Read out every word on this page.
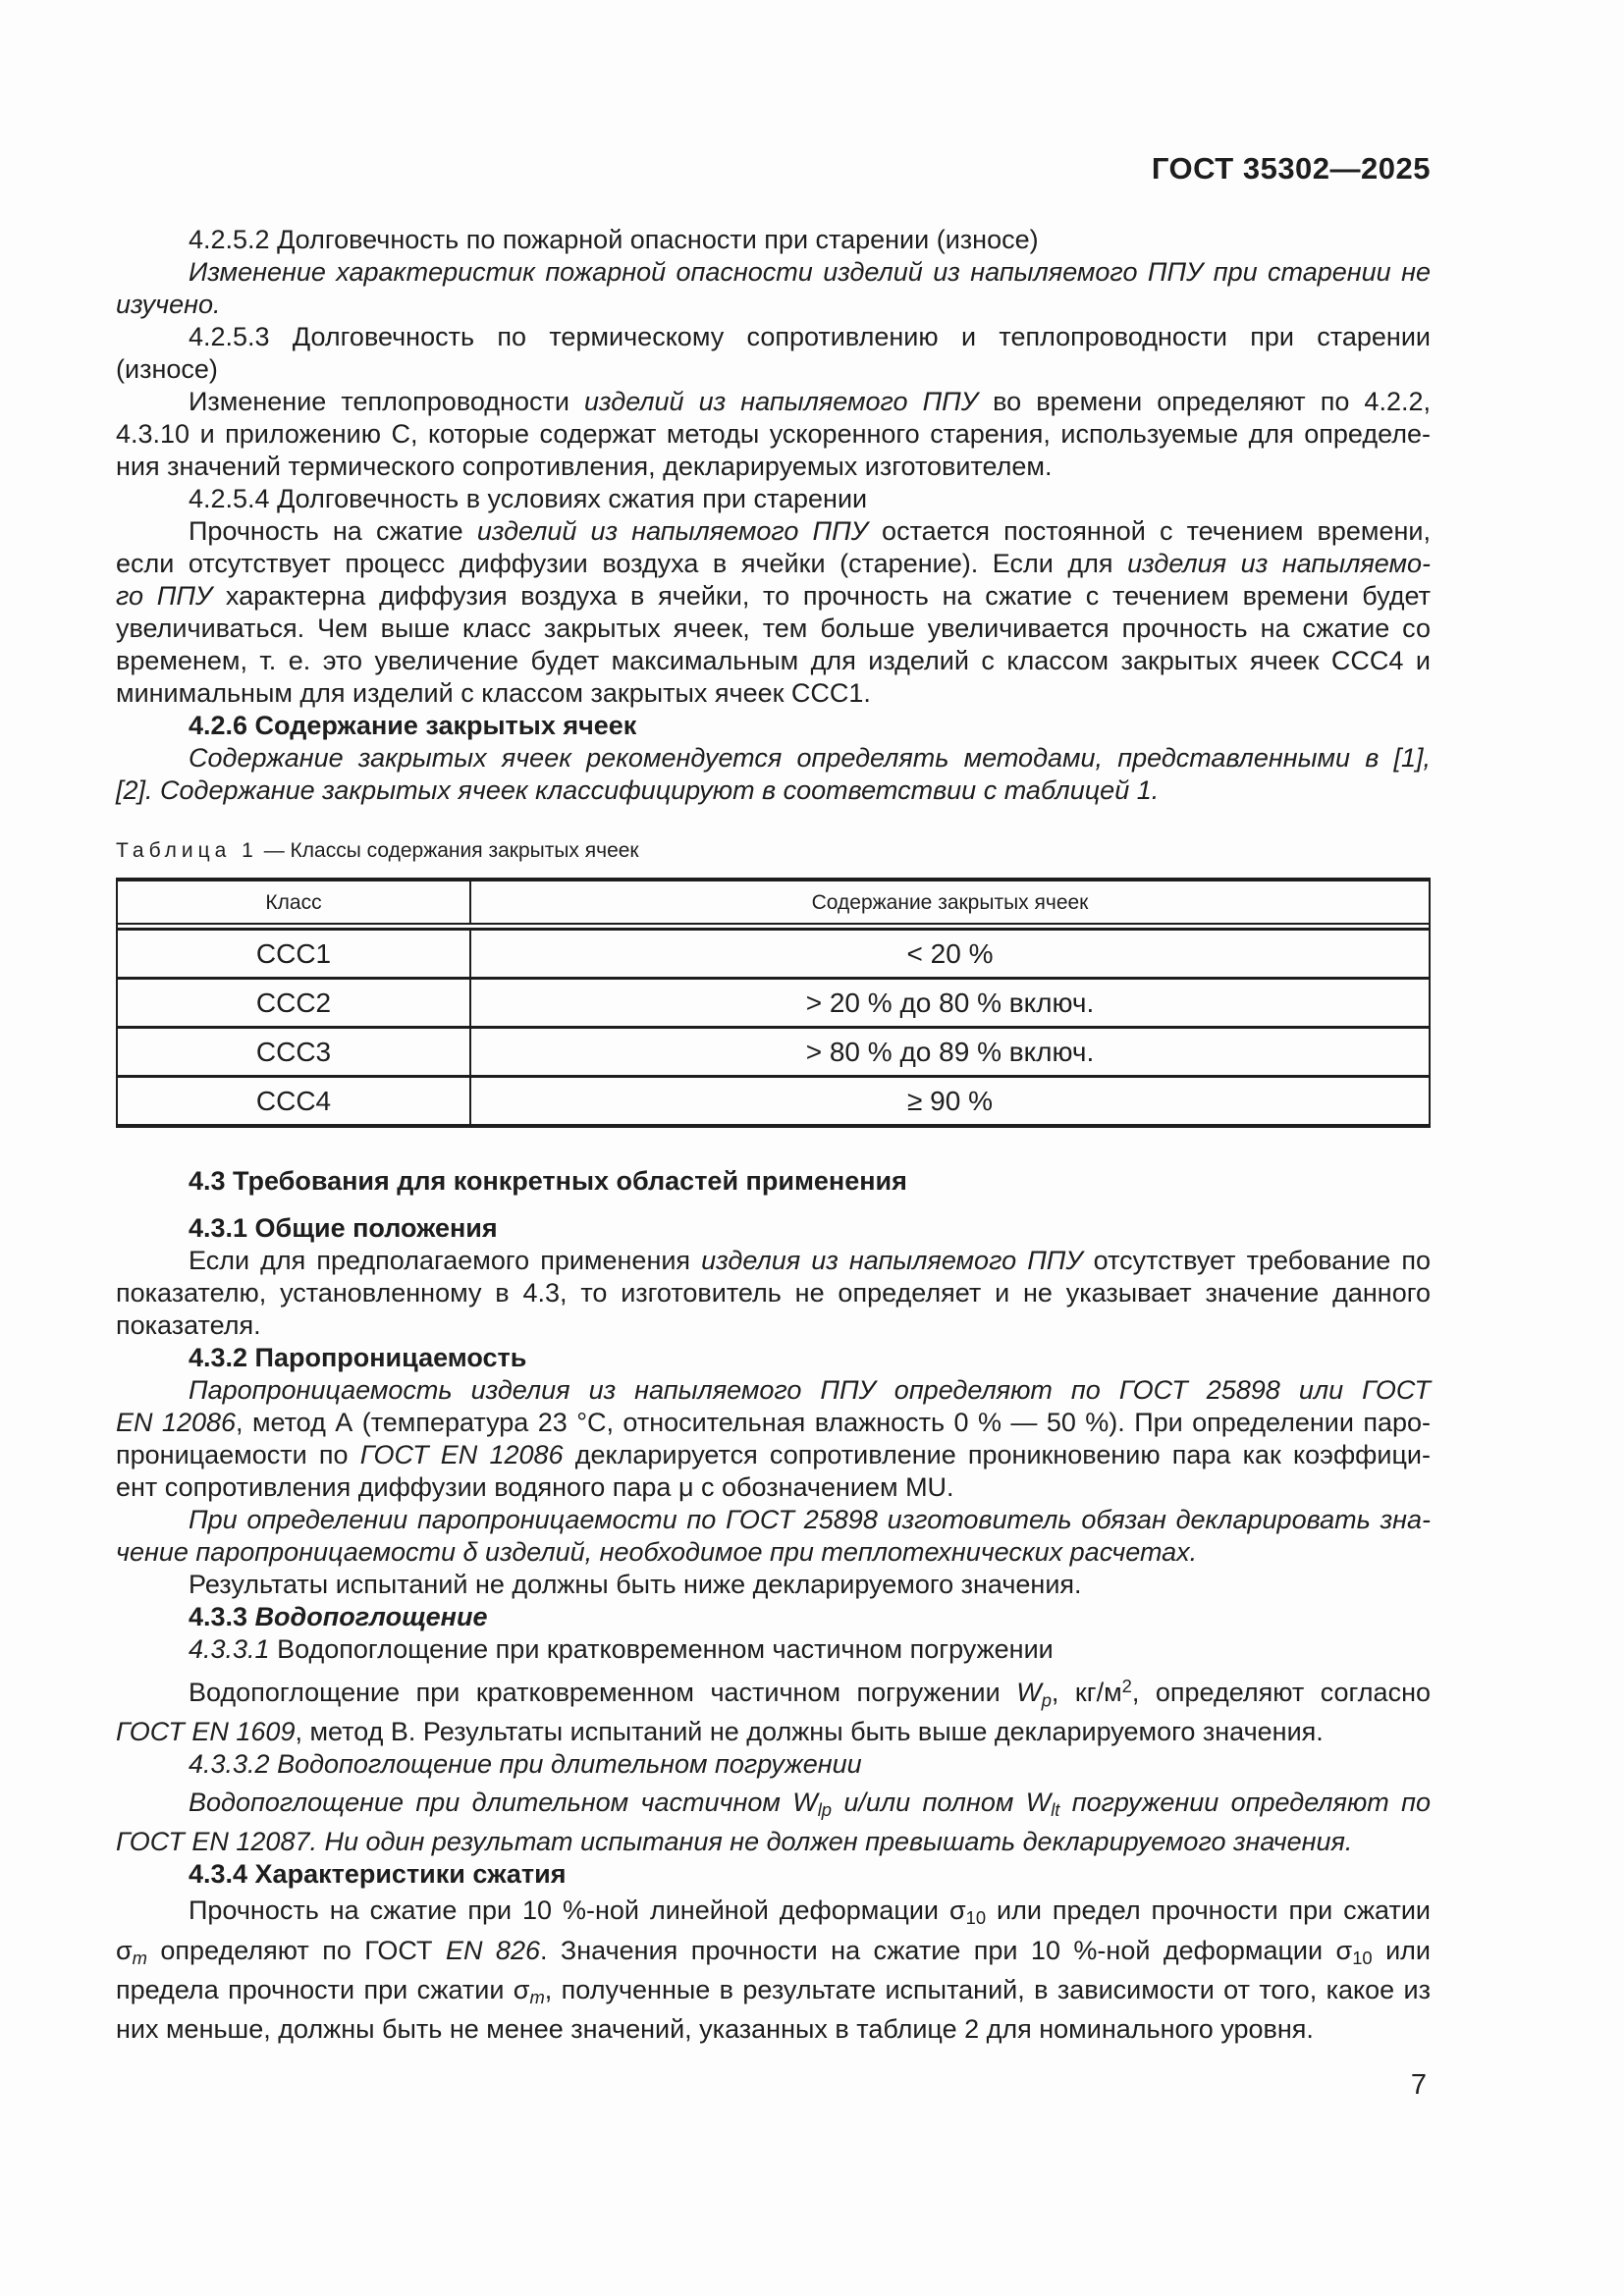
ГОСТ 35302—2025
4.2.5.2 Долговечность по пожарной опасности при старении (износе)
Изменение характеристик пожарной опасности изделий из напыляемого ППУ при старении не
изучено.
4.2.5.3 Долговечность по термическому сопротивлению и теплопроводности при старении
(износе)
Изменение теплопроводности изделий из напыляемого ППУ во времени определяют по 4.2.2,
4.3.10 и приложению С, которые содержат методы ускоренного старения, используемые для определе-
ния значений термического сопротивления, декларируемых изготовителем.
4.2.5.4 Долговечность в условиях сжатия при старении
Прочность на сжатие изделий из напыляемого ППУ остается постоянной с течением времени,
если отсутствует процесс диффузии воздуха в ячейки (старение). Если для изделия из напыляемо-
го ППУ характерна диффузия воздуха в ячейки, то прочность на сжатие с течением времени будет
увеличиваться. Чем выше класс закрытых ячеек, тем больше увеличивается прочность на сжатие со
временем, т. е. это увеличение будет максимальным для изделий с классом закрытых ячеек ССС4 и
минимальным для изделий с классом закрытых ячеек ССС1.
4.2.6 Содержание закрытых ячеек
Содержание закрытых ячеек рекомендуется определять методами, представленными в [1],
[2]. Содержание закрытых ячеек классифицируют в соответствии с таблицей 1.
Таблица 1 — Классы содержания закрытых ячеек
Класс	Содержание закрытых ячеек
ССС1	< 20 %
ССС2	> 20 % до 80 % включ.
ССС3	> 80 % до 89 % включ.
ССС4	≥ 90 %
4.3 Требования для конкретных областей применения
4.3.1 Общие положения
Если для предполагаемого применения изделия из напыляемого ППУ отсутствует требование по
показателю, установленному в 4.3, то изготовитель не определяет и не указывает значение данного
показателя.
4.3.2 Паропроницаемость
Паропроницаемость изделия из напыляемого ППУ определяют по ГОСТ 25898 или ГОСТ
EN 12086, метод А (температура 23 °С, относительная влажность 0 % — 50 %). При определении паро-
проницаемости по ГОСТ EN 12086 декларируется сопротивление проникновению пара как коэффици-
ент сопротивления диффузии водяного пара μ с обозначением MU.
При определении паропроницаемости по ГОСТ 25898 изготовитель обязан декларировать зна-
чение паропроницаемости δ изделий, необходимое при теплотехнических расчетах.
Результаты испытаний не должны быть ниже декларируемого значения.
4.3.3 Водопоглощение
4.3.3.1 Водопоглощение при кратковременном частичном погружении
Водопоглощение при кратковременном частичном погружении Wp, $кг/м^2$, определяют согласно
ГОСТ EN 1609, метод В. Результаты испытаний не должны быть выше декларируемого значения.
4.3.3.2 Водопоглощение при длительном погружении
Водопоглощение при длительном частичном Wlp и/или полном Wlt погружении определяют по
ГОСТ EN 12087. Ни один результат испытания не должен превышать декларируемого значения.
4.3.4 Характеристики сжатия
Прочность на сжатие при 10 %-ной линейной деформации σ10 или предел прочности при сжатии
σm определяют по ГОСТ EN 826. Значения прочности на сжатие при 10 %-ной деформации σ10 или
предела прочности при сжатии σm, полученные в результате испытаний, в зависимости от того, какое из
них меньше, должны быть не менее значений, указанных в таблице 2 для номинального уровня.
7
